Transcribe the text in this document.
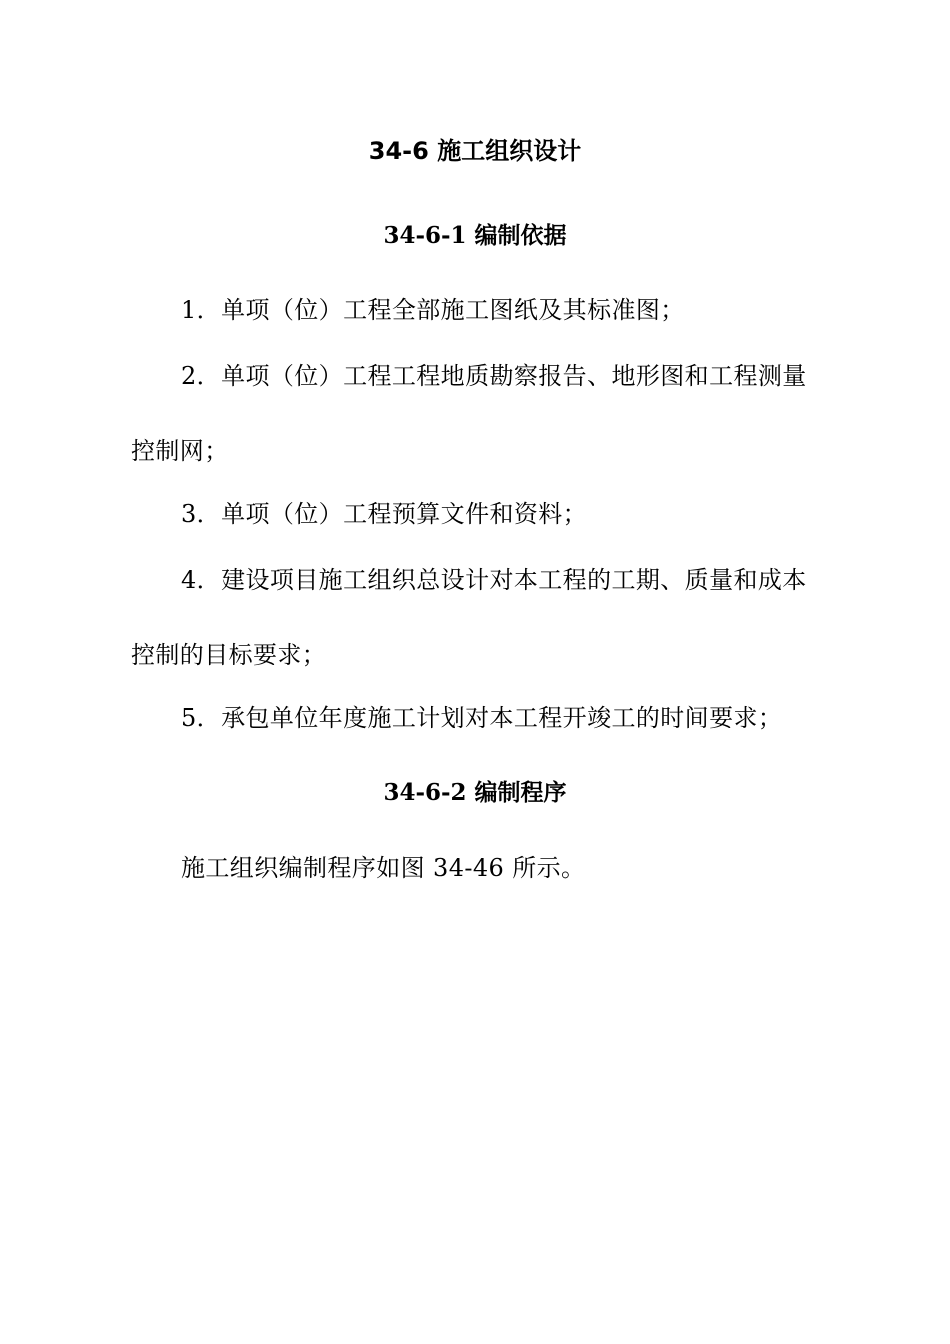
34-6 施工组织设计
34-6-1 编制依据
1．单项（位）工程全部施工图纸及其标准图；
2．单项（位）工程工程地质勘察报告、地形图和工程测量
控制网；
3．单项（位）工程预算文件和资料；
4．建设项目施工组织总设计对本工程的工期、质量和成本
控制的目标要求；
5．承包单位年度施工计划对本工程开竣工的时间要求；
34-6-2 编制程序
施工组织编制程序如图 34-46 所示。
